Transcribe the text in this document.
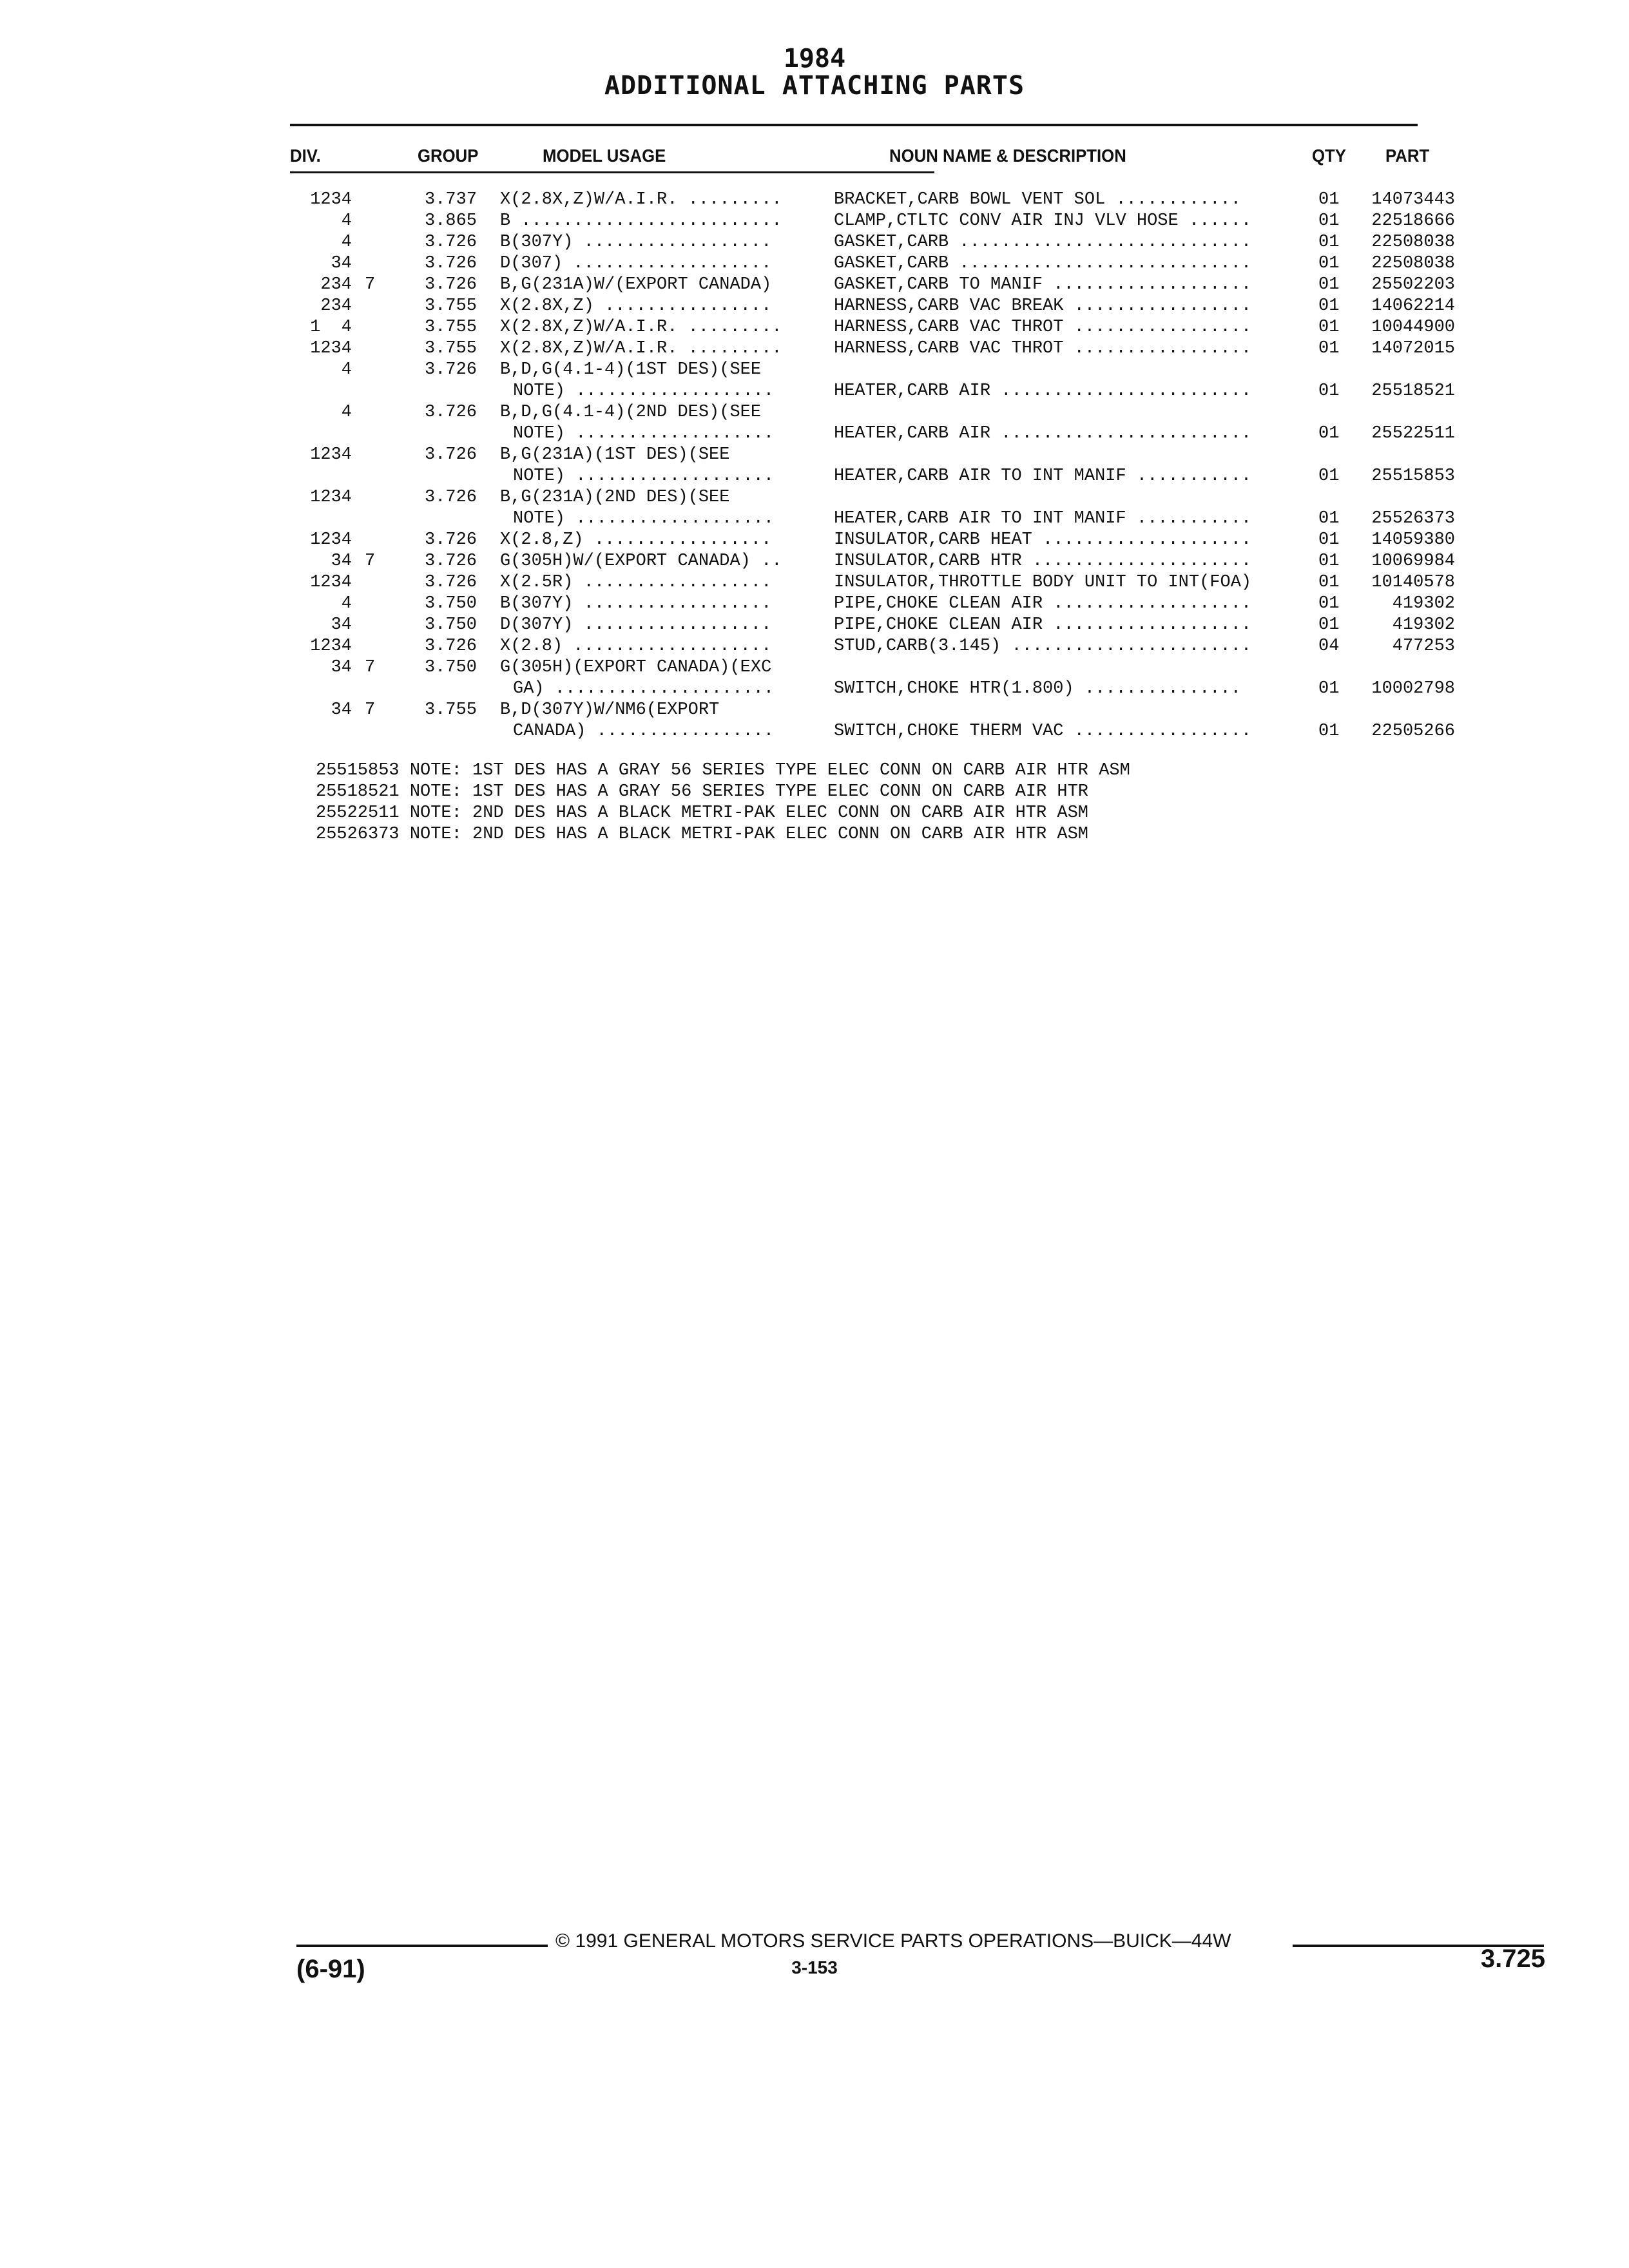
1984
ADDITIONAL ATTACHING PARTS
DIV.	GROUP	MODEL USAGE	NOUN NAME & DESCRIPTION	QTY PART
1234	3.737 X(2.8X,Z)W/A.I.R. .........	BRACKET,CARB BOWL VENT SOL ............	01	14073443
4	3.865 B .........................	CLAMP,CTLTC CONV AIR INJ VLV HOSE ......	01	22518666
4	3.726 B(307Y) ..................	GASKET,CARB ............................	01	22508038
34	3.726 D(307) ...................	GASKET,CARB ............................	01	22508038
234 7	3.726 B,G(231A)W/(EXPORT CANADA)	GASKET,CARB TO MANIF ...................	01	25502203
234	3.755 X(2.8X,Z) ................	HARNESS,CARB VAC BREAK .................	01	14062214
1  4	3.755 X(2.8X,Z)W/A.I.R. .........	HARNESS,CARB VAC THROT .................	01	10044900
1234	3.755 X(2.8X,Z)W/A.I.R. .........	HARNESS,CARB VAC THROT .................	01	14072015
4	3.726 B,D,G(4.1-4)(1ST DES)(SEE
NOTE) ...................	HEATER,CARB AIR ........................	01	25518521
4	3.726 B,D,G(4.1-4)(2ND DES)(SEE
NOTE) ...................	HEATER,CARB AIR ........................	01	25522511
1234	3.726 B,G(231A)(1ST DES)(SEE
NOTE) ...................	HEATER,CARB AIR TO INT MANIF ...........	01	25515853
1234	3.726 B,G(231A)(2ND DES)(SEE
NOTE) ...................	HEATER,CARB AIR TO INT MANIF ...........	01	25526373
1234	3.726 X(2.8,Z) .................	INSULATOR,CARB HEAT ....................	01	14059380
34 7	3.726 G(305H)W/(EXPORT CANADA) ..	INSULATOR,CARB HTR .....................	01	10069984
1234	3.726 X(2.5R) ..................	INSULATOR,THROTTLE BODY UNIT TO INT(FOA)	01	10140578
4	3.750 B(307Y) ..................	PIPE,CHOKE CLEAN AIR ...................	01	419302
34	3.750 D(307Y) ..................	PIPE,CHOKE CLEAN AIR ...................	01	419302
1234	3.726 X(2.8) ...................	STUD,CARB(3.145) .......................	04	477253
34 7	3.750 G(305H)(EXPORT CANADA)(EXC
GA) .....................	SWITCH,CHOKE HTR(1.800) ...............	01	10002798
34 7	3.755 B,D(307Y)W/NM6(EXPORT
CANADA) .................	SWITCH,CHOKE THERM VAC .................	01	22505266
25515853 NOTE: 1ST DES HAS A GRAY 56 SERIES TYPE ELEC CONN ON CARB AIR HTR ASM
25518521 NOTE: 1ST DES HAS A GRAY 56 SERIES TYPE ELEC CONN ON CARB AIR HTR
25522511 NOTE: 2ND DES HAS A BLACK METRI-PAK ELEC CONN ON CARB AIR HTR ASM
25526373 NOTE: 2ND DES HAS A BLACK METRI-PAK ELEC CONN ON CARB AIR HTR ASM
© 1991 GENERAL MOTORS SERVICE PARTS OPERATIONS—BUICK—44W
3-153
(6-91)	3.725
